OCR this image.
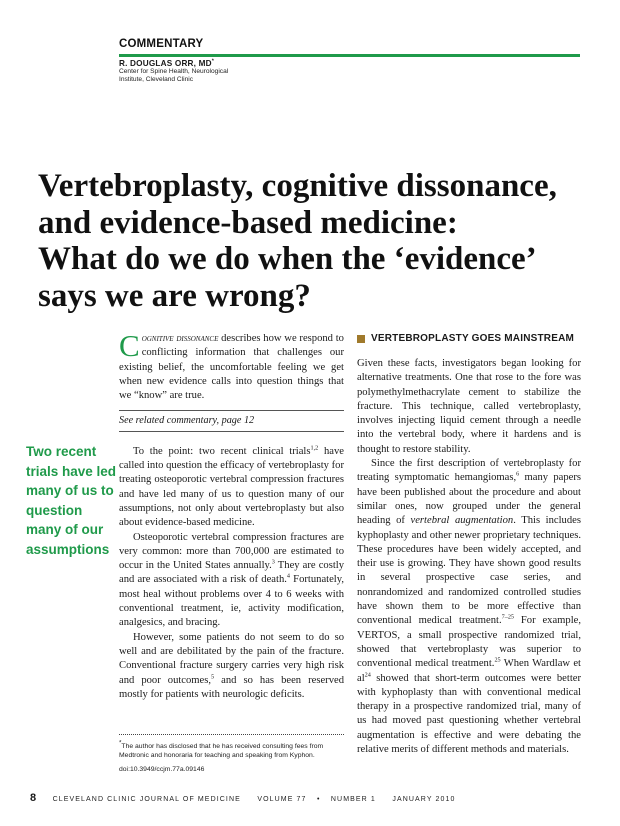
COMMENTARY
R. DOUGLAS ORR, MD*
Center for Spine Health, Neurological
Institute, Cleveland Clinic
Vertebroplasty, cognitive dissonance,
and evidence-based medicine:
What do we do when the ‘evidence’
says we are wrong?

Cognitive dissonance describes how we respond to conflicting information that challenges our existing belief, the uncomfortable feeling we get when new evidence calls into question things that we “know” are true.

See related commentary, page 12

To the point: two recent clinical trials$^{1,2}$ have called into question the efficacy of vertebroplasty for treating osteoporotic vertebral compression fractures and have led many of us to question many of our assumptions, not only about vertebroplasty but also about evidence-based medicine.

Osteoporotic vertebral compression fractures are very common: more than 700,000 are estimated to occur in the United States annually.$^3$ They are costly and are associated with a risk of death.$^4$ Fortunately, most heal without problems over 4 to 6 weeks with conventional treatment, ie, activity modification, analgesics, and bracing.

However, some patients do not seem to do so well and are debilitated by the pain of the fracture. Conventional fracture surgery carries very high risk and poor outcomes,$^5$ and so has been reserved mostly for patients with neurologic deficits.

Two recent trials have led many of us to question many of our assumptions
VERTEBROPLASTY GOES MAINSTREAM

Given these facts, investigators began looking for alternative treatments. One that rose to the fore was polymethylmethacrylate cement to stabilize the fracture. This technique, called vertebroplasty, involves injecting liquid cement through a needle into the vertebral body, where it hardens and is thought to restore stability.

Since the first description of vertebroplasty for treating symptomatic hemangiomas,$^6$ many papers have been published about the procedure and about similar ones, now grouped under the general heading of vertebral augmentation. This includes kyphoplasty and other newer proprietary techniques. These procedures have been widely accepted, and their use is growing. They have shown good results in several prospective case series, and nonrandomized and randomized controlled studies have shown them to be more effective than conventional medical treatment.$^{7-25}$ For example, VERTOS, a small prospective randomized trial, showed that vertebroplasty was superior to conventional medical treatment.$^{25}$ When Wardlaw et $al^{24}$ showed that short-term outcomes were better with kyphoplasty than with conventional medical therapy in a prospective randomized trial, many of us had moved past questioning whether vertebral augmentation is effective and were debating the relative merits of different methods and materials.

*The author has disclosed that he has received consulting fees from Medtronic and honoraria for teaching and speaking from Kyphon.
doi:10.3949/ccjm.77a.09146
8 CLEVELAND CLINIC JOURNAL OF MEDICINE VOLUME 77 • NUMBER 1 JANUARY 2010
